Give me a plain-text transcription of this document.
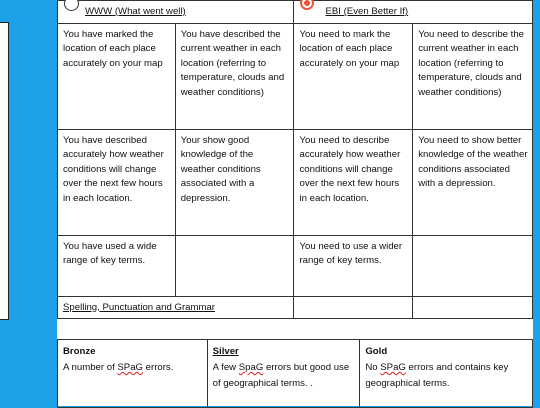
WWW (What went well)		EBI (Even Better If)	
You have marked the location of each place accurately on your map	You have described the current weather in each location (referring to temperature, clouds and weather conditions)	You need to mark the location of each place accurately on your map	You need to describe the current weather in each location (referring to temperature, clouds and weather conditions)
You have described accurately how weather conditions will change over the next few hours in each location.	Your show good knowledge of the weather conditions associated with a depression.	You need to describe accurately how weather conditions will change over the next few hours in each location.	You need to show better knowledge of the weather conditions associated with a depression.
You have used a wide range of key terms.		You need to use a wider range of key terms.	
Spelling, Punctuation and Grammar			
Bronze
A number of SPaG errors.	
Silver
A few SpaG errors but good use of geographical terms. .	
Gold
No SPaG errors and contains key geographical terms.
